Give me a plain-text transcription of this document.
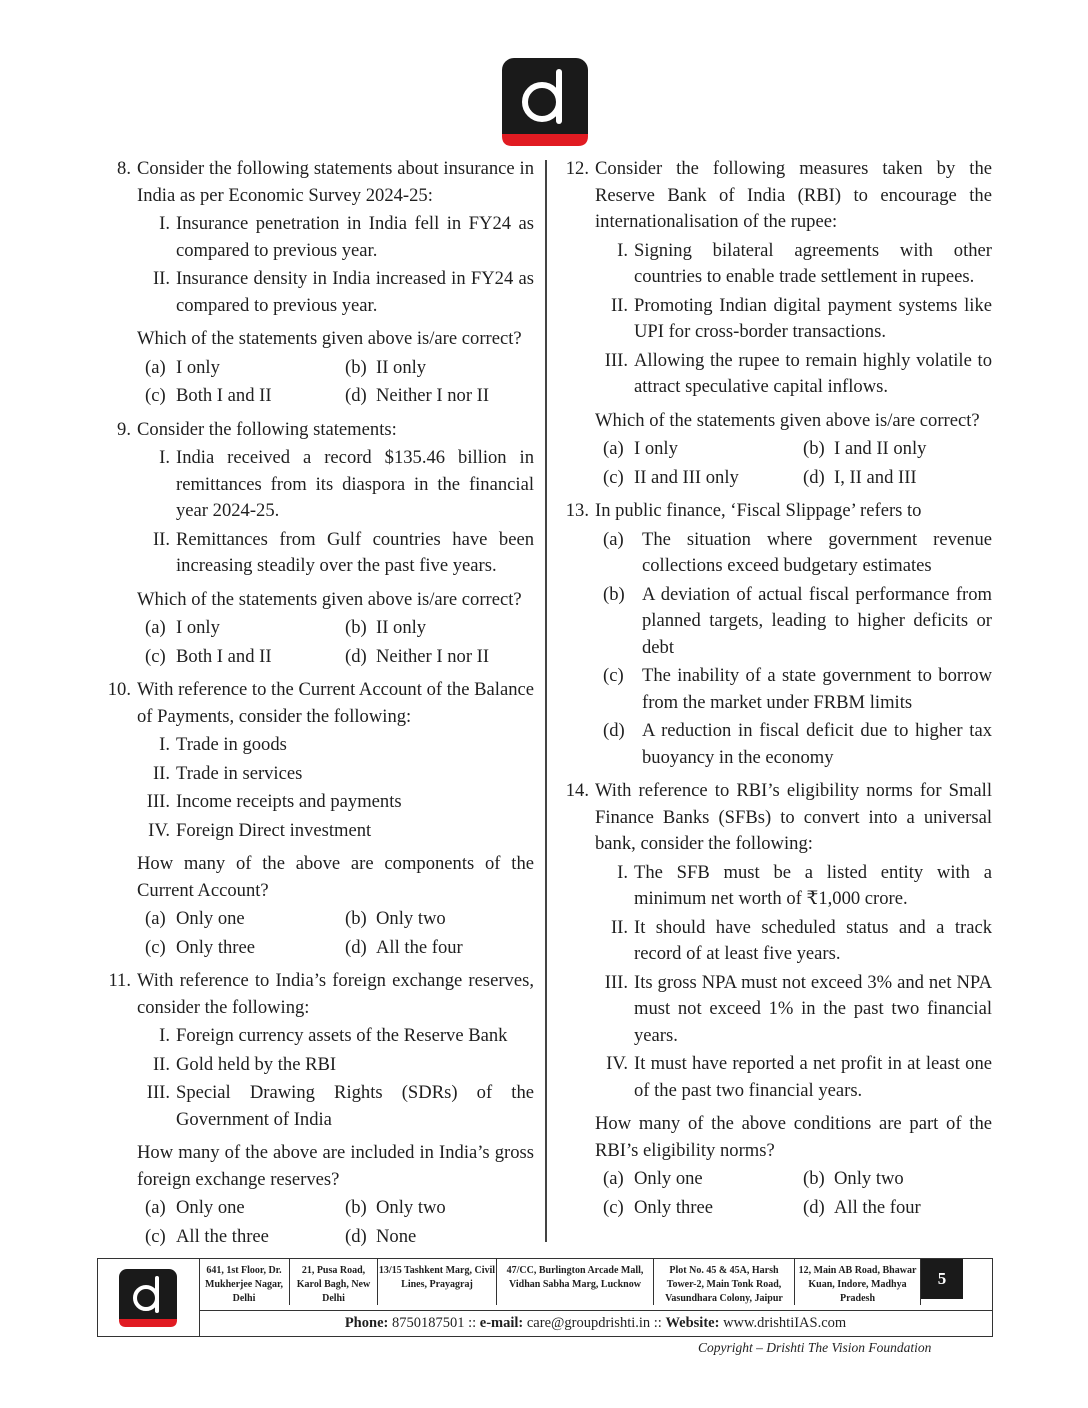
8. Consider the following statements about insurance in India as per Economic Survey 2024-25:
I. Insurance penetration in India fell in FY24 as compared to previous year.
II. Insurance density in India increased in FY24 as compared to previous year.
Which of the statements given above is/are correct?
(a) I only	(b) II only
(c) Both I and II	(d) Neither I nor II
9. Consider the following statements:
I. India received a record $135.46 billion in remittances from its diaspora in the financial year 2024-25.
II. Remittances from Gulf countries have been increasing steadily over the past five years.
Which of the statements given above is/are correct?
(a) I only	(b) II only
(c) Both I and II	(d) Neither I nor II
10. With reference to the Current Account of the Balance of Payments, consider the following:
I. Trade in goods
II. Trade in services
III. Income receipts and payments
IV. Foreign Direct investment
How many of the above are components of the Current Account?
(a) Only one	(b) Only two
(c) Only three	(d) All the four
11. With reference to India’s foreign exchange reserves, consider the following:
I. Foreign currency assets of the Reserve Bank
II. Gold held by the RBI
III. Special Drawing Rights (SDRs) of the Government of India
How many of the above are included in India’s gross foreign exchange reserves?
(a) Only one	(b) Only two
(c) All the three	(d) None
12. Consider the following measures taken by the Reserve Bank of India (RBI) to encourage the internationalisation of the rupee:
I. Signing bilateral agreements with other countries to enable trade settlement in rupees.
II. Promoting Indian digital payment systems like UPI for cross-border transactions.
III. Allowing the rupee to remain highly volatile to attract speculative capital inflows.
Which of the statements given above is/are correct?
(a) I only	(b) I and II only
(c) II and III only	(d) I, II and III
13. In public finance, ‘Fiscal Slippage’ refers to
(a) The situation where government revenue collections exceed budgetary estimates
(b) A deviation of actual fiscal performance from planned targets, leading to higher deficits or debt
(c) The inability of a state government to borrow from the market under FRBM limits
(d) A reduction in fiscal deficit due to higher tax buoyancy in the economy
14. With reference to RBI’s eligibility norms for Small Finance Banks (SFBs) to convert into a universal bank, consider the following:
I. The SFB must be a listed entity with a minimum net worth of ₹1,000 crore.
II. It should have scheduled status and a track record of at least five years.
III. Its gross NPA must not exceed 3% and net NPA must not exceed 1% in the past two financial years.
IV. It must have reported a net profit in at least one of the past two financial years.
How many of the above conditions are part of the RBI’s eligibility norms?
(a) Only one	(b) Only two
(c) Only three	(d) All the four
641, 1st Floor, Dr. Mukherjee Nagar, Delhi
21, Pusa Road, Karol Bagh, New Delhi
13/15 Tashkent Marg, Civil Lines, Prayagraj
47/CC, Burlington Arcade Mall, Vidhan Sabha Marg, Lucknow
Plot No. 45 & 45A, Harsh Tower-2, Main Tonk Road, Vasundhara Colony, Jaipur
12, Main AB Road, Bhawar Kuan, Indore, Madhya Pradesh
5
Phone: 8750187501 :: e-mail: care@groupdrishti.in :: Website: www.drishtiIAS.com
Copyright – Drishti The Vision Foundation
